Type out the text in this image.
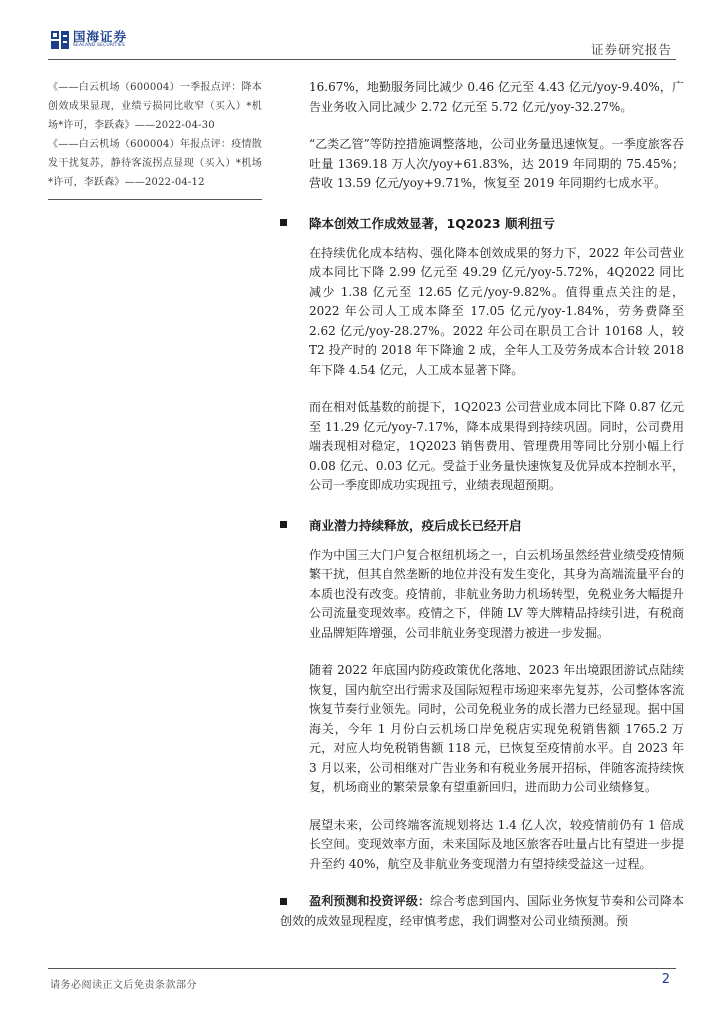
国海证券
SEALAND SECURITIES	证券研究报告

《——白云机场（600004）一季报点评：降本创效成果显现，业绩亏损同比收窄（买入）*机场*许可，李跃森》——2022-04-30

《——白云机场（600004）年报点评：疫情散发干扰复苏，静待客流拐点显现（买入）*机场*许可，李跃森》——2022-04-12

16.67%，地勤服务同比减少 0.46 亿元至 4.43 亿元/yoy-9.40%，广告业务收入同比减少 2.72 亿元至 5.72 亿元/yoy-32.27%。

“乙类乙管”等防控措施调整落地，公司业务量迅速恢复。一季度旅客吞吐量 1369.18 万人次/yoy+61.83%，达 2019 年同期的 75.45%；营收 13.59 亿元/yoy+9.71%，恢复至 2019 年同期约七成水平。

降本创效工作成效显著，1Q2023 顺利扭亏

在持续优化成本结构、强化降本创效成果的努力下，2022 年公司营业成本同比下降 2.99 亿元至 49.29 亿元/yoy-5.72%，4Q2022 同比减少 1.38 亿元至 12.65 亿元/yoy-9.82%。值得重点关注的是，2022 年公司人工成本降至 17.05 亿元/yoy-1.84%，劳务费降至 2.62 亿元/yoy-28.27%。2022 年公司在职员工合计 10168 人，较 T2 投产时的 2018 年下降逾 2 成，全年人工及劳务成本合计较 2018 年下降 4.54 亿元，人工成本显著下降。

而在相对低基数的前提下，1Q2023 公司营业成本同比下降 0.87 亿元至 11.29 亿元/yoy-7.17%，降本成果得到持续巩固。同时，公司费用端表现相对稳定，1Q2023 销售费用、管理费用等同比分别小幅上行 0.08 亿元、0.03 亿元。受益于业务量快速恢复及优异成本控制水平，公司一季度即成功实现扭亏，业绩表现超预期。

商业潜力持续释放，疫后成长已经开启

作为中国三大门户复合枢纽机场之一，白云机场虽然经营业绩受疫情频繁干扰，但其自然垄断的地位并没有发生变化，其身为高端流量平台的本质也没有改变。疫情前，非航业务助力机场转型，免税业务大幅提升公司流量变现效率。疫情之下，伴随 LV 等大牌精品持续引进，有税商业品牌矩阵增强，公司非航业务变现潜力被进一步发掘。

随着 2022 年底国内防疫政策优化落地、2023 年出境跟团游试点陆续恢复，国内航空出行需求及国际短程市场迎来率先复苏，公司整体客流恢复节奏行业领先。同时，公司免税业务的成长潜力已经显现。据中国海关，今年 1 月份白云机场口岸免税店实现免税销售额 1765.2 万元，对应人均免税销售额 118 元，已恢复至疫情前水平。自 2023 年 3 月以来，公司相继对广告业务和有税业务展开招标，伴随客流持续恢复，机场商业的繁荣景象有望重新回归，进而助力公司业绩修复。

展望未来，公司终端客流规划将达 1.4 亿人次，较疫情前仍有 1 倍成长空间。变现效率方面，未来国际及地区旅客吞吐量占比有望进一步提升至约 40%，航空及非航业务变现潜力有望持续受益这一过程。

盈利预测和投资评级：综合考虑到国内、国际业务恢复节奏和公司降本创效的成效显现程度，经审慎考虑，我们调整对公司业绩预测。预

请务必阅读正文后免责条款部分	2
